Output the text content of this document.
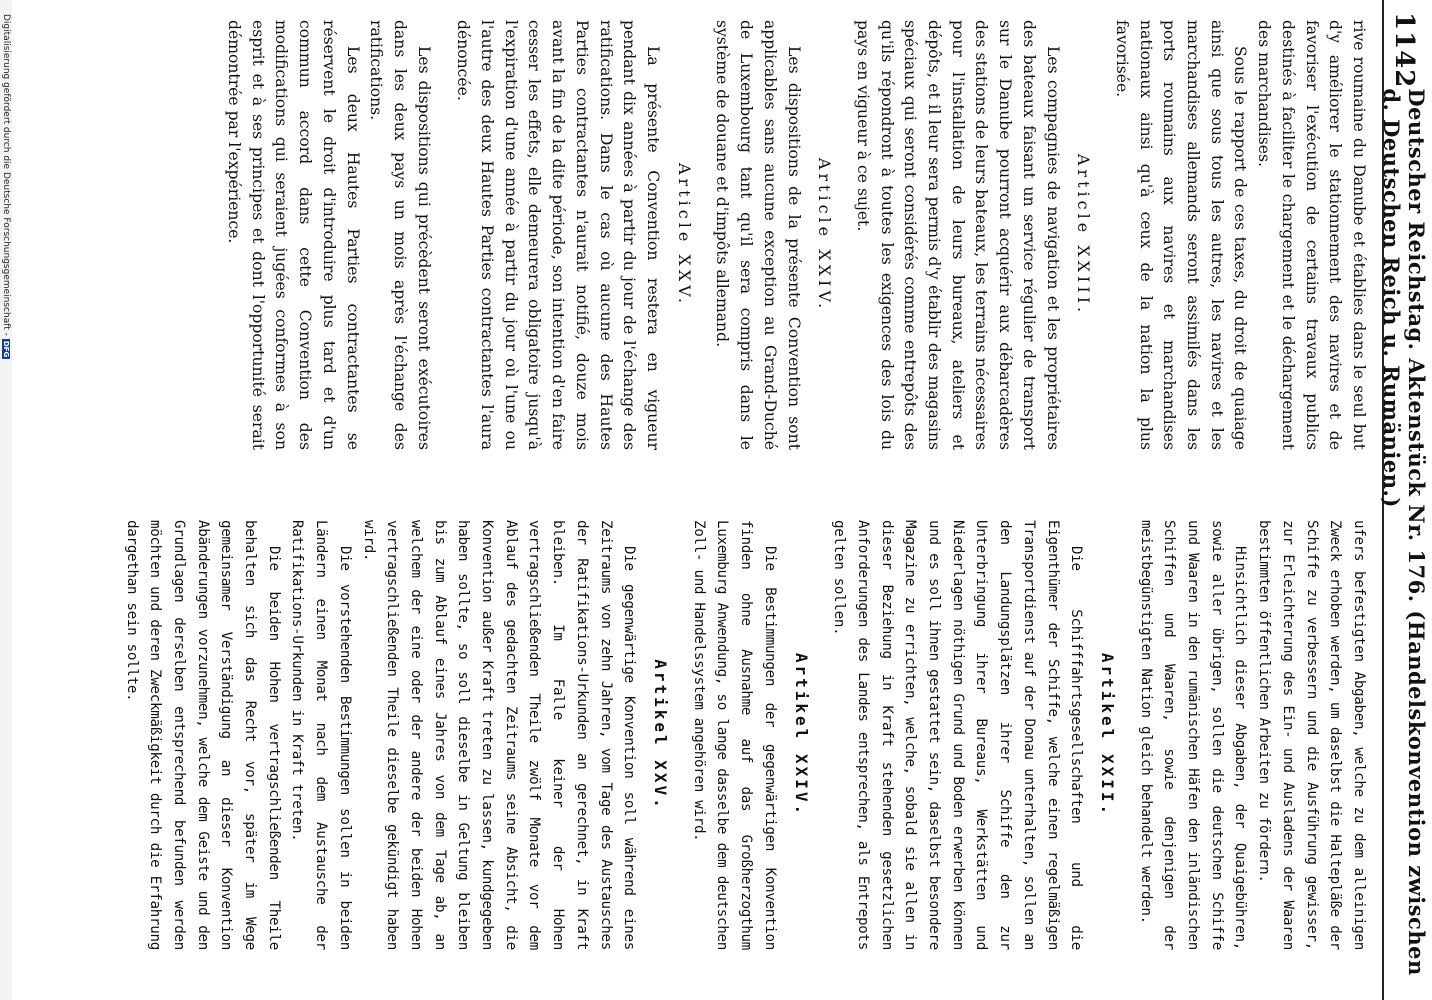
1142
Deutscher Reichstag. Aktenstück Nr. 176. (Handelskonvention zwischen d. Deutschen Reich u. Rumänien.)

rive roumaine du Danube et établies dans le seul but d'y améliorer le stationnement des navires et de favoriser l'exécution de certains travaux publics destinés à faciliter le chargement et le déchargement des marchandises.

Sous le rapport de ces taxes, du droit de quaiage ainsi que sous tous les autres, les navires et les marchandises allemands seront assimilés dans les ports roumains aux navires et marchandises nationaux ainsi qu'à ceux de la nation la plus favorisée.

Article XXIII.

Les compagnies de navigation et les propriétaires des bateaux faisant un service régulier de transport sur le Danube pourront acquérir aux débarcadères des stations de leurs bateaux, les terrains nécessaires pour l'installation de leurs bureaux, ateliers et dépôts, et il leur sera permis d'y établir des magasins spéciaux qui seront considérés comme entrepôts des qu'ils répondront à toutes les exigences des lois du pays en vigueur à ce sujet.

Article XXIV.

Les dispositions de la présente Convention sont applicables sans aucune exception au Grand-Duché de Luxembourg tant qu'il sera compris dans le système de douane et d'impôts allemand.

Article XXV.

La présente Convention restera en vigueur pendant dix années à partir du jour de l'échange des ratifications. Dans le cas où aucune des Hautes Parties contractantes n'aurait notifié, douze mois avant la fin de la dite période, son intention d'en faire cesser les effets, elle demeurera obligatoire jusqu'à l'expiration d'une année à partir du jour où l'une ou l'autre des deux Hautes Parties contractantes l'aura dénoncée.

Les dispositions qui précèdent seront exécutoires dans les deux pays un mois après l'échange des ratifications.

Les deux Hautes Parties contractantes se réservent le droit d'introduire plus tard et d'un commun accord dans cette Convention des modifications qui seraient jugées conformes à son esprit et à ses principes et dont l'opportunité serait démontrée par l'expérience.

ufers befestigten Abgaben, welche zu dem alleinigen Zweck erhoben werden, um daselbst die Haltepläße der Schiffe zu verbessern und die Ausführung gewisser, zur Erleichterung des Ein- und Ausladens der Waaren bestimmten öffentlichen Arbeiten zu fördern.

Hinsichtlich dieser Abgaben, der Quaigebühren, sowie aller übrigen, sollen die deutschen Schiffe und Waaren in den rumänischen Häfen den inländischen Schiffen und Waaren, sowie denjenigen der meistbegünstigten Nation gleich behandelt werden.

Artikel XXII.

Die Schifffahrtsgesellschaften und die Eigenthümer der Schiffe, welche einen regelmäßigen Transportdienst auf der Donau unterhalten, sollen an den Landungsplätzen ihrer Schiffe den zur Unterbringung ihrer Bureaus, Werkstätten und Niederlagen nöthigen Grund und Boden erwerben können und es soll ihnen gestattet sein, daselbst besondere Magazine zu errichten, welche, sobald sie allen in dieser Beziehung in Kraft stehenden gesetzlichen Anforderungen des Landes entsprechen, als Entrepots gelten sollen.

Artikel XXIV.

Die Bestimmungen der gegenwärtigen Konvention finden ohne Ausnahme auf das Großherzogthum Luxemburg Anwendung, so lange dasselbe dem deutschen Zoll- und Handelssystem angehören wird.

Artikel XXV.

Die gegenwärtige Konvention soll während eines Zeitraums von zehn Jahren, vom Tage des Austausches der Ratifikations-Urkunden an gerechnet, in Kraft bleiben. Im Falle keiner der Hohen vertragschließenden Theile zwölf Monate vor dem Ablauf des gedachten Zeitraums seine Absicht, die Konvention außer Kraft treten zu lassen, kundgegeben haben sollte, so soll dieselbe in Geltung bleiben bis zum Ablauf eines Jahres von dem Tage ab, an welchem der eine oder der andere der beiden Hohen vertragschließenden Theile dieselbe gekündigt haben wird.

Die vorstehenden Bestimmungen sollen in beiden Ländern einen Monat nach dem Austausche der Ratifikations-Urkunden in Kraft treten.

Die beiden Hohen vertragschließenden Theile behalten sich das Recht vor, später im Wege gemeinsamer Verständigung an dieser Konvention Abänderungen vorzunehmen, welche dem Geiste und den Grundlagen derselben entsprechend befunden werden möchten und deren Zweckmäßigkeit durch die Erfahrung dargethan sein sollte.

Digitalisierung gefördert durch die Deutsche Forschungsgemeinschaft -DFG
